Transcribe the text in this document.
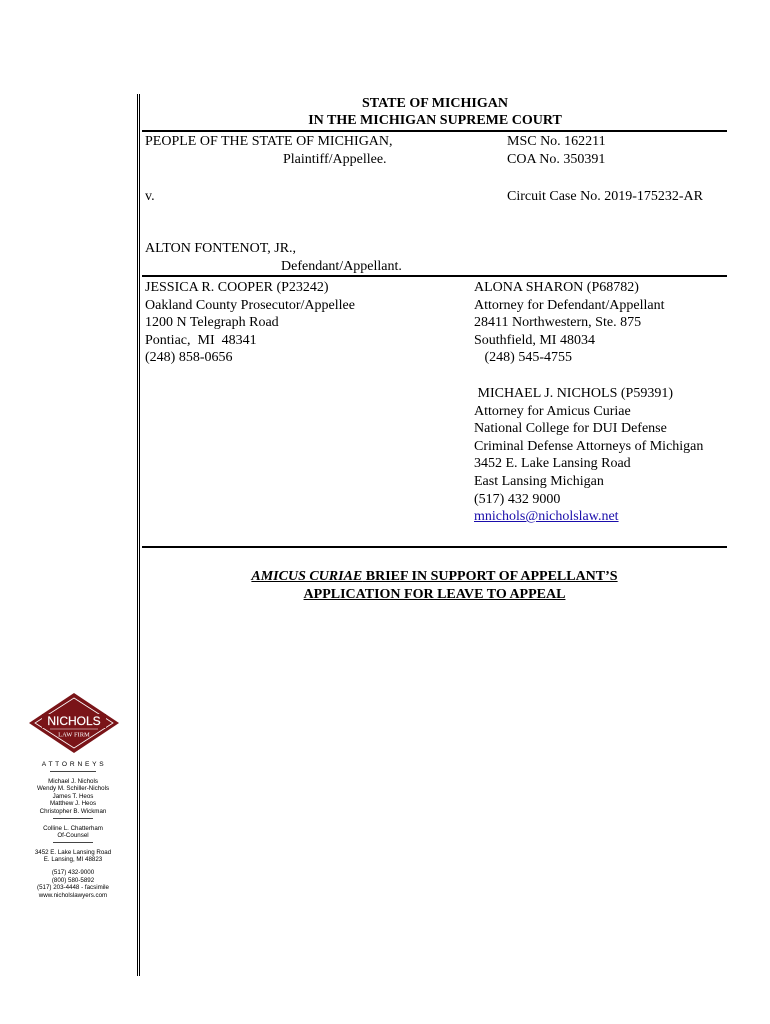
STATE OF MICHIGAN
IN THE MICHIGAN SUPREME COURT
PEOPLE OF THE STATE OF MICHIGAN,
Plaintiff/Appellee.
MSC No. 162211
COA No. 350391
v.	Circuit Case No. 2019-175232-AR
ALTON FONTENOT, JR.,
Defendant/Appellant.
JESSICA R. COOPER (P23242)
Oakland County Prosecutor/Appellee
1200 N Telegraph Road
Pontiac,  MI  48341
(248) 858-0656
ALONA SHARON (P68782)
Attorney for Defendant/Appellant
28411 Northwestern, Ste. 875
Southfield, MI 48034
(248) 545-4755
MICHAEL J. NICHOLS (P59391)
Attorney for Amicus Curiae
National College for DUI Defense
Criminal Defense Attorneys of Michigan
3452 E. Lake Lansing Road
East Lansing Michigan
(517) 432 9000
mnichols@nicholslaw.net
AMICUS CURIAE BRIEF IN SUPPORT OF APPELLANT’S
APPLICATION FOR LEAVE TO APPEAL
NICHOLS
LAW FIRM
A T T O R N E Y S
Michael J. Nichols
Wendy M. Schiller-Nichols
James T. Heos
Matthew J. Heos
Christopher B. Wickman
Colline L. Chatterham
Of-Counsel
3452 E. Lake Lansing Road
E. Lansing, MI 48823
(517) 432-9000
(800) 580-5892
(517) 203-4448 - facsimile
www.nicholslawyers.com
